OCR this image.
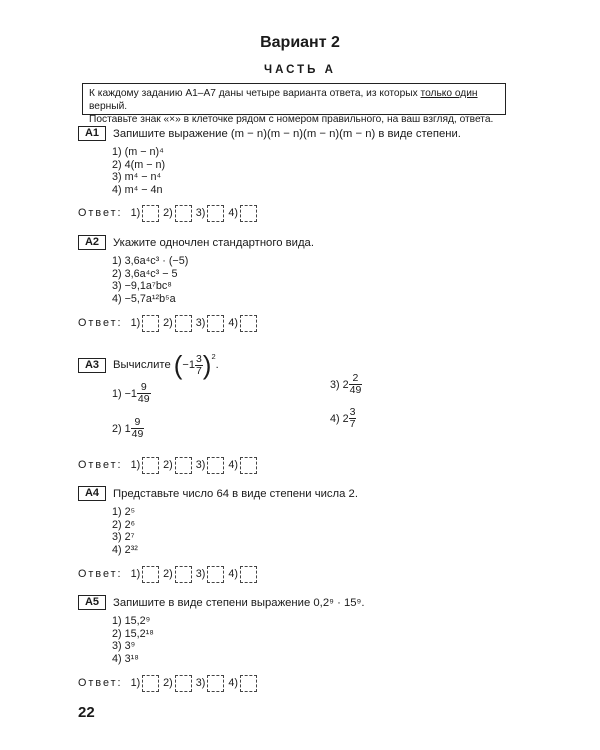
Вариант 2
ЧАСТЬ А
К каждому заданию А1–А7 даны четыре варианта ответа, из которых только один верный.
Поставьте знак «×» в клеточке рядом с номером правильного, на ваш взгляд, ответа.
А1	Запишите выражение (m − n)(m − n)(m − n)(m − n) в виде степени.
1) (m − n)⁴
2) 4(m − n)
3) m⁴ − n⁴
4) m⁴ − 4n
Ответ: 1) 2) 3) 4)
А2	Укажите одночлен стандартного вида.
1) 3,6a⁴c³ · (−5)
2) 3,6a⁴c³ − 5
3) −9,1a⁷bc⁸
4) −5,7a¹²b⁵a
Ответ: 1) 2) 3) 4)
А3	Вычислите ( $-1 \frac{3}{7} )^2$
.
1)
$-1 \frac{9}{49}$
2)
$1 \frac{9}{49}$
3)
$2 \frac{2}{49}$
4)
$2 \frac{3}{7}$
Ответ: 1) 2) 3) 4)
А4	Представьте число 64 в виде степени числа 2.
1) 2⁵
2) 2⁶
3) 2⁷
4) 2³²
Ответ: 1) 2) 3) 4)
А5	Запишите в виде степени выражение 0,2⁹ · 15⁹.
1) 15,2⁹
2) 15,2¹⁸
3) 3⁹
4) 3¹⁸
Ответ: 1) 2) 3) 4)
22
